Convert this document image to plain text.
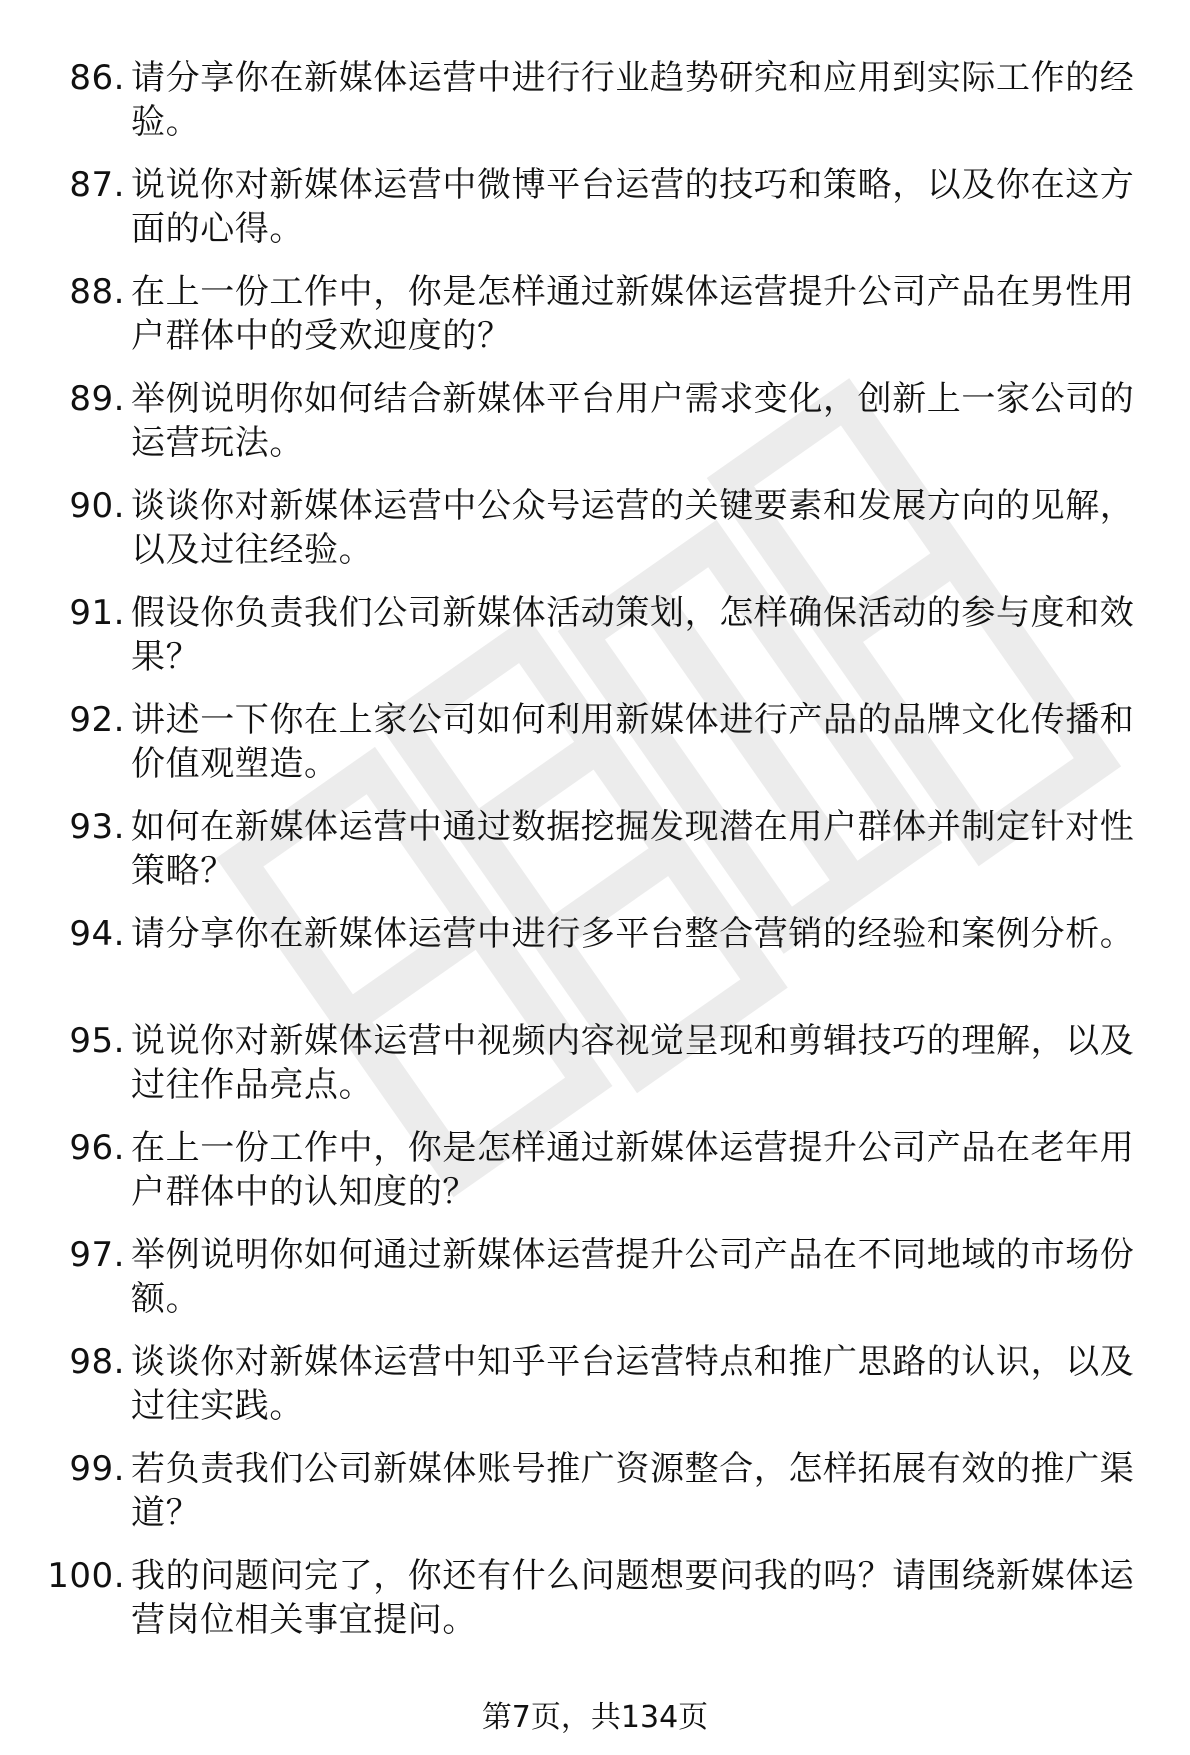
职汇简历
86. 请分享你在新媒体运营中进行行业趋势研究和应用到实际工作的经验。
87. 说说你对新媒体运营中微博平台运营的技巧和策略，以及你在这方面的心得。
88. 在上一份工作中，你是怎样通过新媒体运营提升公司产品在男性用户群体中的受欢迎度的？
89. 举例说明你如何结合新媒体平台用户需求变化，创新上一家公司的运营玩法。
90. 谈谈你对新媒体运营中公众号运营的关键要素和发展方向的见解，以及过往经验。
91. 假设你负责我们公司新媒体活动策划，怎样确保活动的参与度和效果？
92. 讲述一下你在上家公司如何利用新媒体进行产品的品牌文化传播和价值观塑造。
93. 如何在新媒体运营中通过数据挖掘发现潜在用户群体并制定针对性策略？
94. 请分享你在新媒体运营中进行多平台整合营销的经验和案例分析。
95. 说说你对新媒体运营中视频内容视觉呈现和剪辑技巧的理解，以及过往作品亮点。
96. 在上一份工作中，你是怎样通过新媒体运营提升公司产品在老年用户群体中的认知度的？
97. 举例说明你如何通过新媒体运营提升公司产品在不同地域的市场份额。
98. 谈谈你对新媒体运营中知乎平台运营特点和推广思路的认识，以及过往实践。
99. 若负责我们公司新媒体账号推广资源整合，怎样拓展有效的推广渠道？
100. 我的问题问完了，你还有什么问题想要问我的吗？请围绕新媒体运营岗位相关事宜提问。
第7页，共134页
